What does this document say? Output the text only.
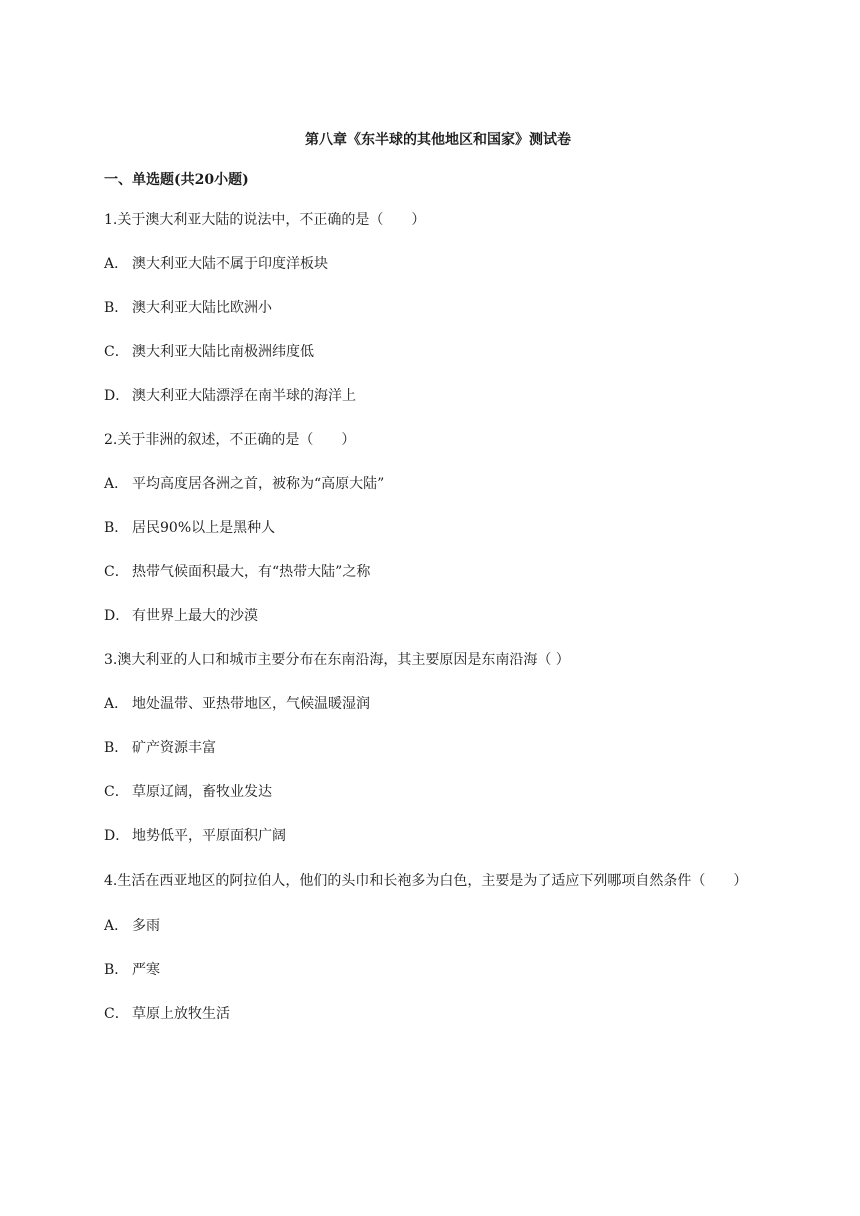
第八章《东半球的其他地区和国家》测试卷
一、单选题(共20小题)
1.关于澳大利亚大陆的说法中，不正确的是（　　）
A． 澳大利亚大陆不属于印度洋板块
B． 澳大利亚大陆比欧洲小
C． 澳大利亚大陆比南极洲纬度低
D． 澳大利亚大陆漂浮在南半球的海洋上
2.关于非洲的叙述，不正确的是（　　）
A． 平均高度居各洲之首，被称为“高原大陆”
B． 居民90%以上是黑种人
C． 热带气候面积最大，有“热带大陆”之称
D． 有世界上最大的沙漠
3.澳大利亚的人口和城市主要分布在东南沿海，其主要原因是东南沿海（ ）
A． 地处温带、亚热带地区，气候温暖湿润
B． 矿产资源丰富
C． 草原辽阔，畜牧业发达
D． 地势低平，平原面积广阔
4.生活在西亚地区的阿拉伯人，他们的头巾和长袍多为白色，主要是为了适应下列哪项自然条件（　　）
A． 多雨
B． 严寒
C． 草原上放牧生活
